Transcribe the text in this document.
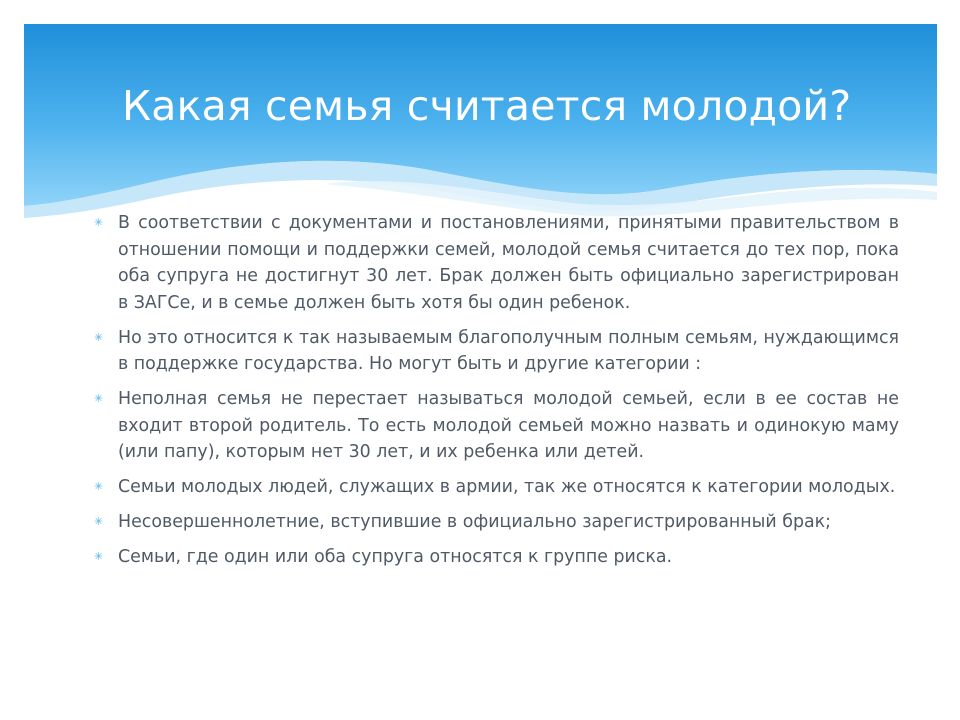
Какая семья считается молодой?
✳ В соответствии с документами и постановлениями, принятыми правительством в отношении помощи и поддержки семей, молодой семья считается до тех пор, пока оба супруга не достигнут 30 лет. Брак должен быть официально зарегистрирован в ЗАГСе, и в семье должен быть хотя бы один ребенок.
✳ Но это относится к так называемым благополучным полным семьям, нуждающимся в поддержке государства. Но могут быть и другие категории :
✳ Неполная семья не перестает называться молодой семьей, если в ее состав не входит второй родитель. То есть молодой семьей можно назвать и одинокую маму (или папу), которым нет 30 лет, и их ребенка или детей.
✳ Семьи молодых людей, служащих в армии, так же относятся к категории молодых.
✳ Несовершеннолетние, вступившие в официально зарегистрированный брак;
✳ Семьи, где один или оба супруга относятся к группе риска.
